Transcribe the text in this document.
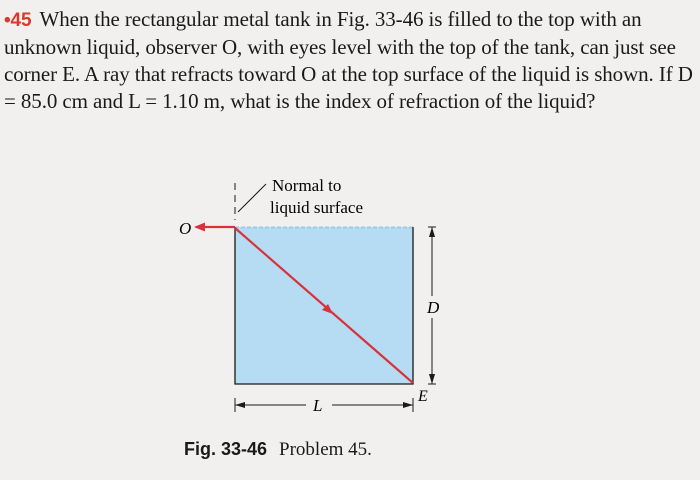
•45 When the rectangular metal tank in Fig. 33-46 is filled to the top with an unknown liquid, observer O, with eyes level with the top of the tank, can just see corner E. A ray that refracts toward O at the top surface of the liquid is shown. If D = 85.0 cm and L = 1.10 m, what is the index of refraction of the liquid?
Normal to
liquid surface
O
D
E
L
Fig. 33-46 Problem 45.
